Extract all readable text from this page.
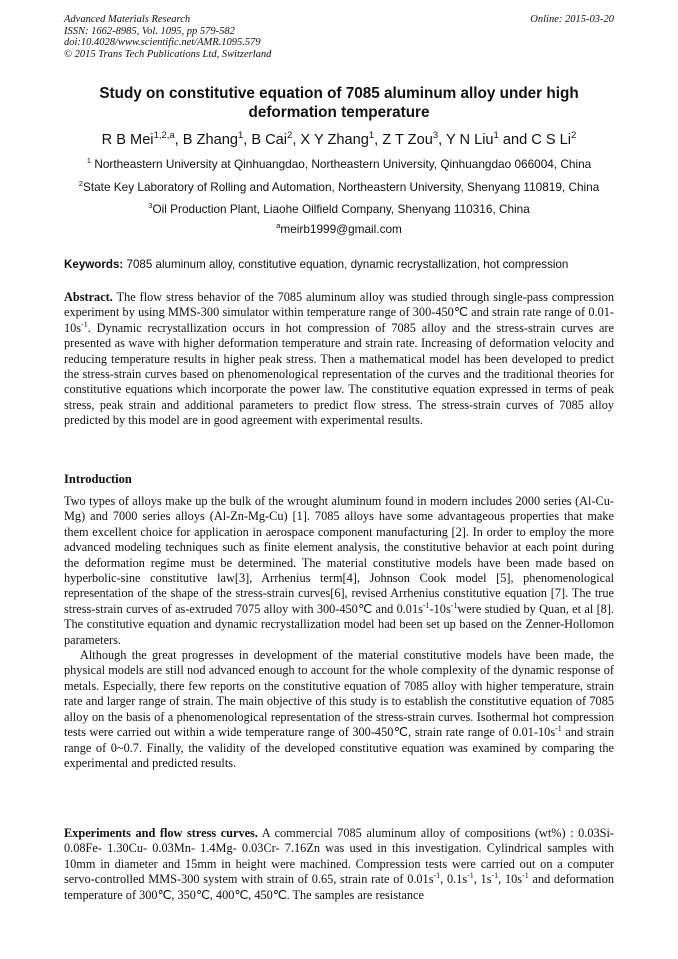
Advanced Materials Research
ISSN: 1662-8985, Vol. 1095, pp 579-582
doi:10.4028/www.scientific.net/AMR.1095.579
© 2015 Trans Tech Publications Ltd, Switzerland
Online: 2015-03-20
Study on constitutive equation of 7085 aluminum alloy under high deformation temperature
R B Mei$^{1,2,a}$, B Zhang$^1$, B Cai$^2$, X Y Zhang$^1$, Z T Zou$^3$, Y N Liu$^1$ and C S Li$^2$
$^1$ Northeastern University at Qinhuangdao, Northeastern University, Qinhuangdao 066004, China
$^2$State Key Laboratory of Rolling and Automation, Northeastern University, Shenyang 110819, China
$^3$Oil Production Plant, Liaohe Oilfield Company, Shenyang 110316, China
$^a$meirb1999@gmail.com
Keywords: 7085 aluminum alloy, constitutive equation, dynamic recrystallization, hot compression
Abstract. The flow stress behavior of the 7085 aluminum alloy was studied through single-pass compression experiment by using MMS-300 simulator within temperature range of 300-450℃ and strain rate range of $0.01-10s^{-1}$. Dynamic recrystallization occurs in hot compression of 7085 alloy and the stress-strain curves are presented as wave with higher deformation temperature and strain rate. Increasing of deformation velocity and reducing temperature results in higher peak stress. Then a mathematical model has been developed to predict the stress-strain curves based on phenomenological representation of the curves and the traditional theories for constitutive equations which incorporate the power law. The constitutive equation expressed in terms of peak stress, peak strain and additional parameters to predict flow stress. The stress-strain curves of 7085 alloy predicted by this model are in good agreement with experimental results.
Introduction

Two types of alloys make up the bulk of the wrought aluminum found in modern includes 2000 series (Al-Cu-Mg) and 7000 series alloys (Al-Zn-Mg-Cu) [1]. 7085 alloys have some advantageous properties that make them excellent choice for application in aerospace component manufacturing [2]. In order to employ the more advanced modeling techniques such as finite element analysis, the constitutive behavior at each point during the deformation regime must be determined. The material constitutive models have been made based on hyperbolic-sine constitutive law[3], Arrhenius term[4], Johnson Cook model [5], phenomenological representation of the shape of the stress-strain curves[6], revised Arrhenius constitutive equation [7]. The true stress-strain curves of as-extruded 7075 alloy with 300-450℃ and $0.01s^{-1}-10s^{-1}were$ studied by Quan, et al [8]. The constitutive equation and dynamic recrystallization model had been set up based on the Zenner-Hollomon parameters.

Although the great progresses in development of the material constitutive models have been made, the physical models are still nod advanced enough to account for the whole complexity of the dynamic response of metals. Especially, there few reports on the constitutive equation of 7085 alloy with higher temperature, strain rate and larger range of strain. The main objective of this study is to establish the constitutive equation of 7085 alloy on the basis of a phenomenological representation of the stress-strain curves. Isothermal hot compression tests were carried out within a wide temperature range of 300-450℃, strain rate range of $0.01-10s^{-1}$ and strain range of 0~0.7. Finally, the validity of the developed constitutive equation was examined by comparing the experimental and predicted results.

Experiments and flow stress curves. A commercial 7085 aluminum alloy of compositions (wt%) : 0.03Si- 0.08Fe- 1.30Cu- 0.03Mn- 1.4Mg- 0.03Cr- 7.16Zn was used in this investigation. Cylindrical samples with 10mm in diameter and 15mm in height were machined. Compression tests were carried out on a computer servo-controlled MMS-300 system with strain of 0.65, strain rate of $0.01s^{-1}$, $0.1s^{-1}$, $1s^{-1}$, $10s^{-1}$ and deformation temperature of 300℃, 350℃, 400℃, 450℃. The samples are resistance
